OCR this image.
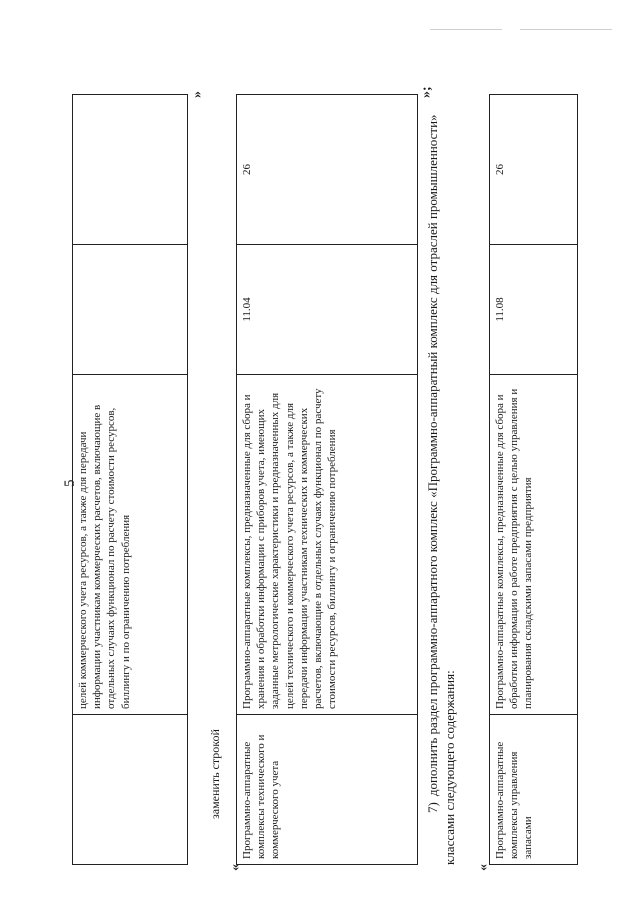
5
	целей коммерческого учета ресурсов, а также для передачи информации участникам коммерческих расчетов, включающие в отдельных случаях функционал по расчету стоимости ресурсов, биллингу и по ограничению потребления		
»
заменить строкой
«
Программно-аппаратные комплексы технического и коммерческого учета	Программно-аппаратные комплексы, предназначенные для сбора и хранения и обработки информации с приборов учета, имеющих заданные метрологические характеристики и предназначенных для целей технического и коммерческого учета ресурсов, а также для передачи информации участникам технических и коммерческих расчетов, включающие в отдельных случаях функционал по расчету стоимости ресурсов, биллингу и ограничению потребления	11.04	26
»;
7)дополнить раздел программно-аппаратного комплекс «Программно-аппаратный комплекс для отраслей промышленности» классами следующего содержания:
«
Программно-аппаратные комплексы управления запасами	Программно-аппаратные комплексы, предназначенные для сбора и обработки информации о работе предприятия с целью управления и планирования складскими запасами предприятия	11.08	26
